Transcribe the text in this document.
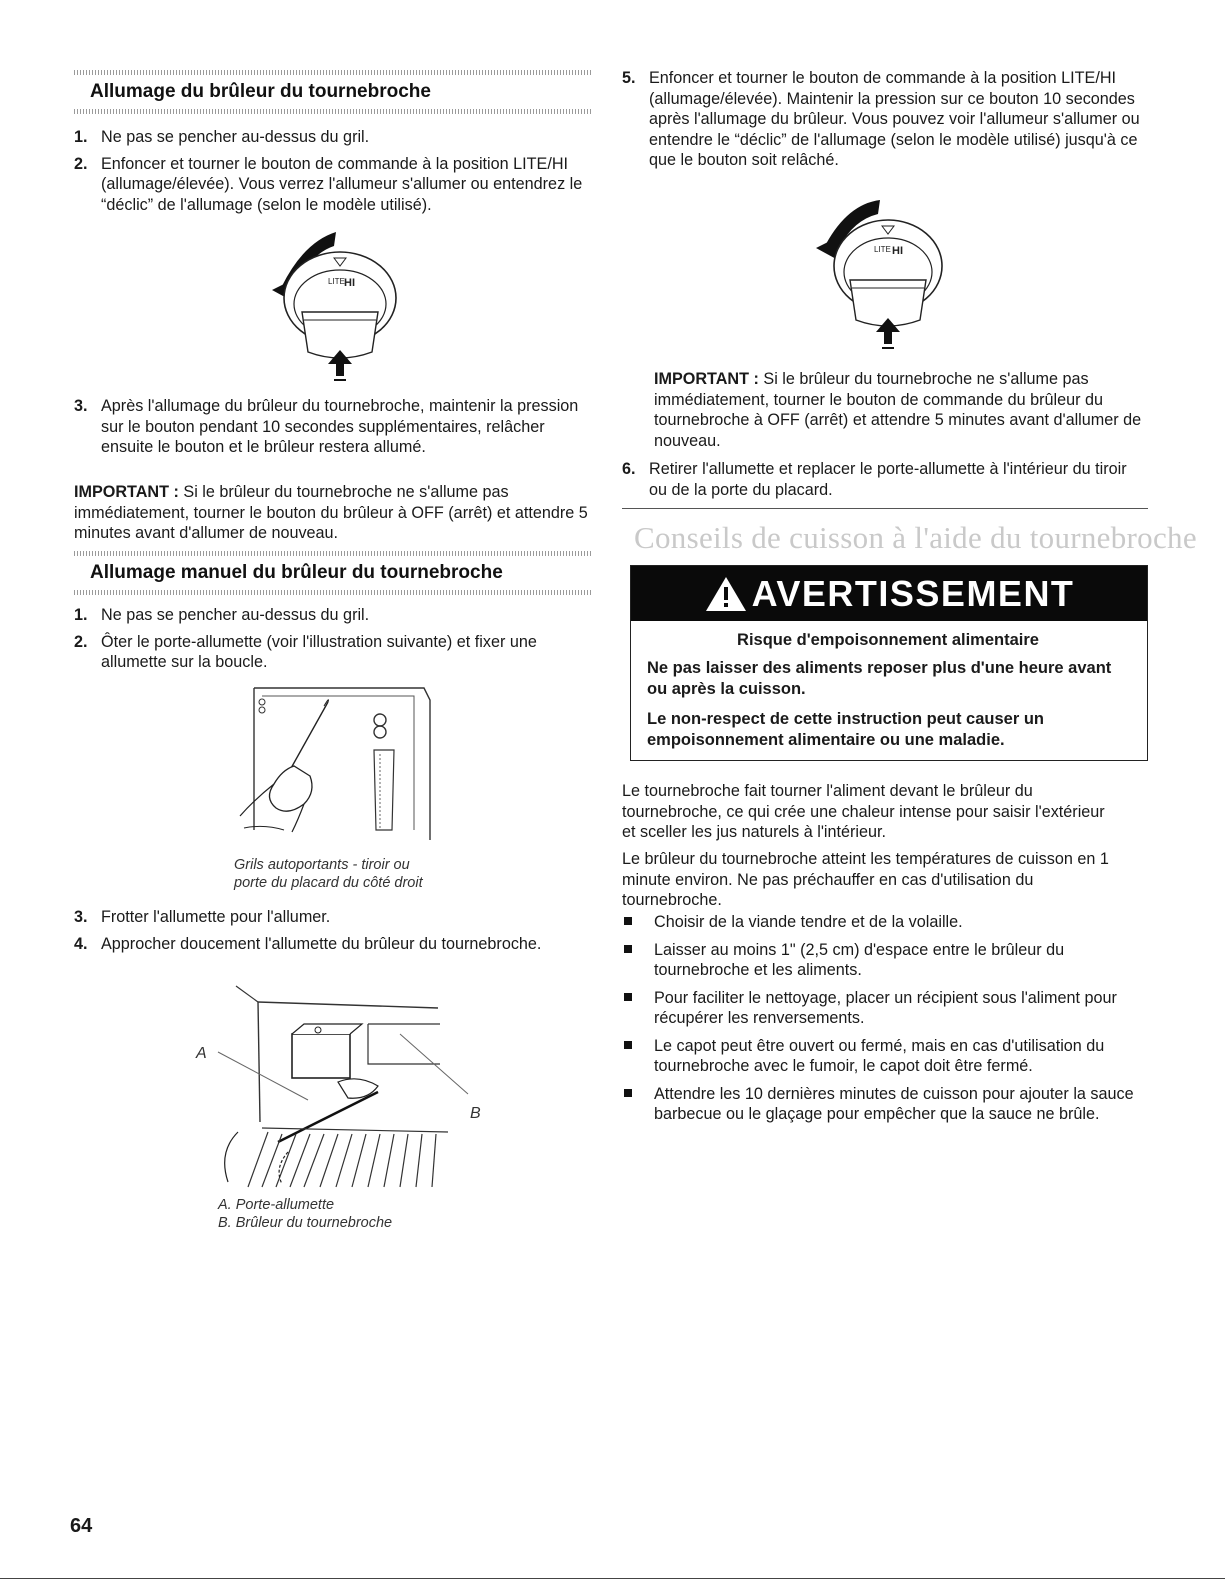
Allumage du brûleur du tournebroche
1. Ne pas se pencher au-dessus du gril.
2. Enfoncer et tourner le bouton de commande à la position LITE/HI (allumage/élevée). Vous verrez l'allumeur s'allumer ou entendrez le “déclic” de l'allumage (selon le modèle utilisé).
LITE HI
3. Après l'allumage du brûleur du tournebroche, maintenir la pression sur le bouton pendant 10 secondes supplémentaires, relâcher ensuite le bouton et le brûleur restera allumé.

IMPORTANT : Si le brûleur du tournebroche ne s'allume pas immédiatement, tourner le bouton du brûleur à OFF (arrêt) et attendre 5 minutes avant d'allumer de nouveau.

Allumage manuel du brûleur du tournebroche
1. Ne pas se pencher au-dessus du gril.
2. Ôter le porte-allumette (voir l'illustration suivante) et fixer une allumette sur la boucle.
Grils autoportants - tiroir ou
porte du placard du côté droit
3. Frotter l'allumette pour l'allumer.
4. Approcher doucement l'allumette du brûleur du tournebroche.
A
B
A. Porte-allumette
B. Brûleur du tournebroche
5. Enfoncer et tourner le bouton de commande à la position LITE/HI (allumage/élevée). Maintenir la pression sur ce bouton 10 secondes après l'allumage du brûleur. Vous pouvez voir l'allumeur s'allumer ou entendre le “déclic” de l'allumage (selon le modèle utilisé) jusqu'à ce que le bouton soit relâché.
LITE HI

IMPORTANT : Si le brûleur du tournebroche ne s'allume pas immédiatement, tourner le bouton de commande du brûleur du tournebroche à OFF (arrêt) et attendre 5 minutes avant d'allumer de nouveau.

6. Retirer l'allumette et replacer le porte-allumette à l'intérieur du tiroir ou de la porte du placard.
Conseils de cuisson à l'aide du tournebroche
AVERTISSEMENT
Risque d'empoisonnement alimentaire
Ne pas laisser des aliments reposer plus d'une heure avant ou après la cuisson.
Le non-respect de cette instruction peut causer un empoisonnement alimentaire ou une maladie.

Le tournebroche fait tourner l'aliment devant le brûleur du tournebroche, ce qui crée une chaleur intense pour saisir l'extérieur et sceller les jus naturels à l'intérieur.

Le brûleur du tournebroche atteint les températures de cuisson en 1 minute environ. Ne pas préchauffer en cas d'utilisation du tournebroche.

Choisir de la viande tendre et de la volaille.
Laisser au moins 1" (2,5 cm) d'espace entre le brûleur du tournebroche et les aliments.
Pour faciliter le nettoyage, placer un récipient sous l'aliment pour récupérer les renversements.
Le capot peut être ouvert ou fermé, mais en cas d'utilisation du tournebroche avec le fumoir, le capot doit être fermé.
Attendre les 10 dernières minutes de cuisson pour ajouter la sauce barbecue ou le glaçage pour empêcher que la sauce ne brûle.
64
